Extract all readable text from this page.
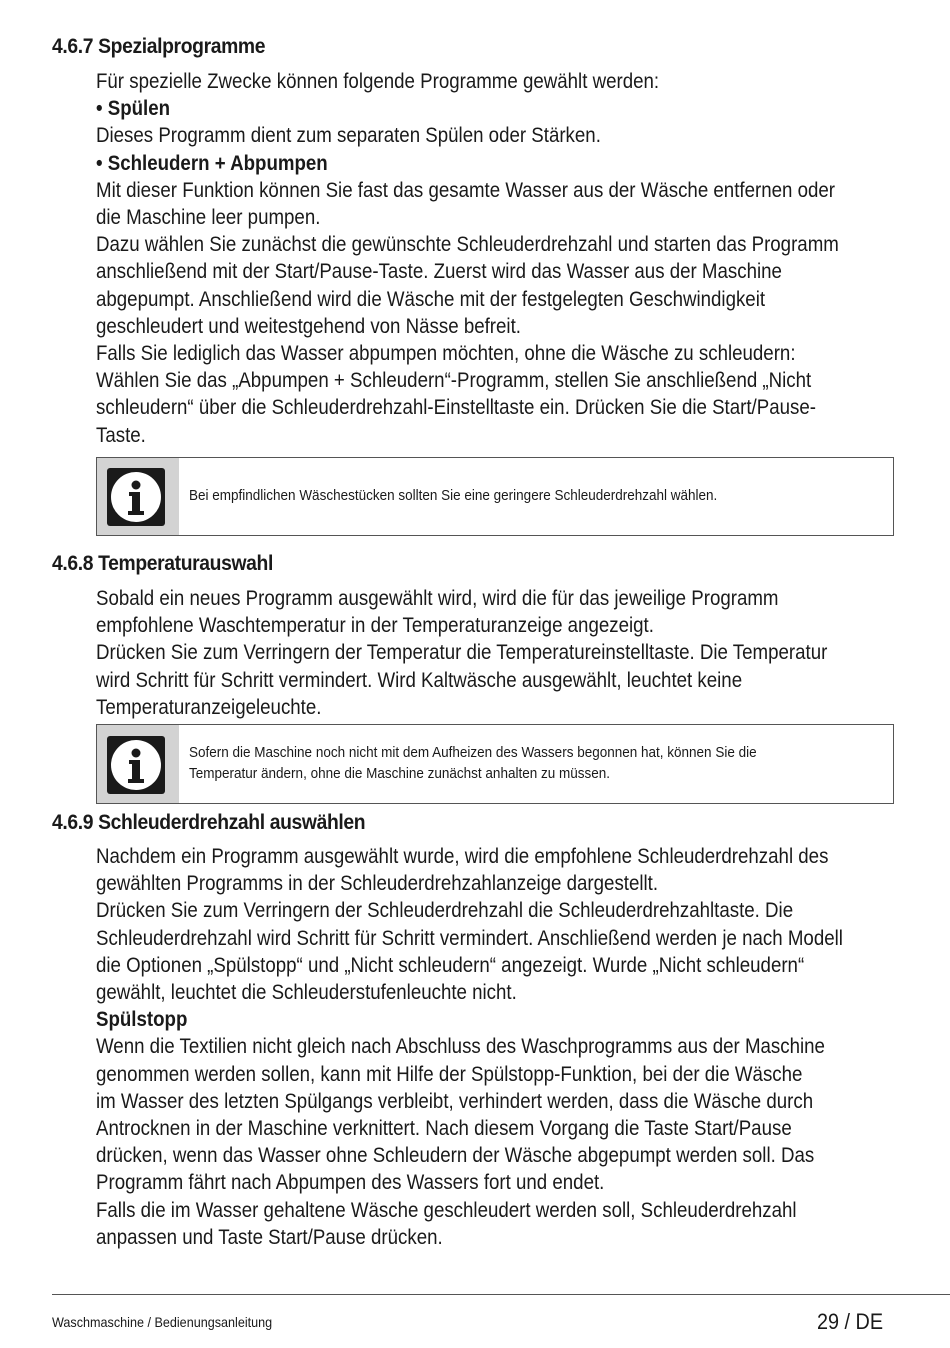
4.6.7 Spezialprogramme
Für spezielle Zwecke können folgende Programme gewählt werden:
• Spülen
Dieses Programm dient zum separaten Spülen oder Stärken.
• Schleudern + Abpumpen
Mit dieser Funktion können Sie fast das gesamte Wasser aus der Wäsche entfernen oder
die Maschine leer pumpen.
Dazu wählen Sie zunächst die gewünschte Schleuderdrehzahl und starten das Programm
anschließend mit der Start/Pause-Taste. Zuerst wird das Wasser aus der Maschine
abgepumpt. Anschließend wird die Wäsche mit der festgelegten Geschwindigkeit
geschleudert und weitestgehend von Nässe befreit.
Falls Sie lediglich das Wasser abpumpen möchten, ohne die Wäsche zu schleudern:
Wählen Sie das „Abpumpen + Schleudern“-Programm, stellen Sie anschließend „Nicht
schleudern“ über die Schleuderdrehzahl-Einstelltaste ein. Drücken Sie die Start/Pause-
Taste.
Bei empfindlichen Wäschestücken sollten Sie eine geringere Schleuderdrehzahl wählen.
4.6.8 Temperaturauswahl
Sobald ein neues Programm ausgewählt wird, wird die für das jeweilige Programm
empfohlene Waschtemperatur in der Temperaturanzeige angezeigt.
Drücken Sie zum Verringern der Temperatur die Temperatureinstelltaste. Die Temperatur
wird Schritt für Schritt vermindert. Wird Kaltwäsche ausgewählt, leuchtet keine
Temperaturanzeigeleuchte.
Sofern die Maschine noch nicht mit dem Aufheizen des Wassers begonnen hat, können Sie die
Temperatur ändern, ohne die Maschine zunächst anhalten zu müssen.
4.6.9 Schleuderdrehzahl auswählen
Nachdem ein Programm ausgewählt wurde, wird die empfohlene Schleuderdrehzahl des
gewählten Programms in der Schleuderdrehzahlanzeige dargestellt.
Drücken Sie zum Verringern der Schleuderdrehzahl die Schleuderdrehzahltaste. Die
Schleuderdrehzahl wird Schritt für Schritt vermindert. Anschließend werden je nach Modell
die Optionen „Spülstopp“ und „Nicht schleudern“ angezeigt. Wurde „Nicht schleudern“
gewählt, leuchtet die Schleuderstufenleuchte nicht.
Spülstopp
Wenn die Textilien nicht gleich nach Abschluss des Waschprogramms aus der Maschine
genommen werden sollen, kann mit Hilfe der Spülstopp-Funktion, bei der die Wäsche
im Wasser des letzten Spülgangs verbleibt, verhindert werden, dass die Wäsche durch
Antrocknen in der Maschine verknittert. Nach diesem Vorgang die Taste Start/Pause
drücken, wenn das Wasser ohne Schleudern der Wäsche abgepumpt werden soll. Das
Programm fährt nach Abpumpen des Wassers fort und endet.
Falls die im Wasser gehaltene Wäsche geschleudert werden soll, Schleuderdrehzahl
anpassen und Taste Start/Pause drücken.
Waschmaschine / Bedienungsanleitung	29 / DE
